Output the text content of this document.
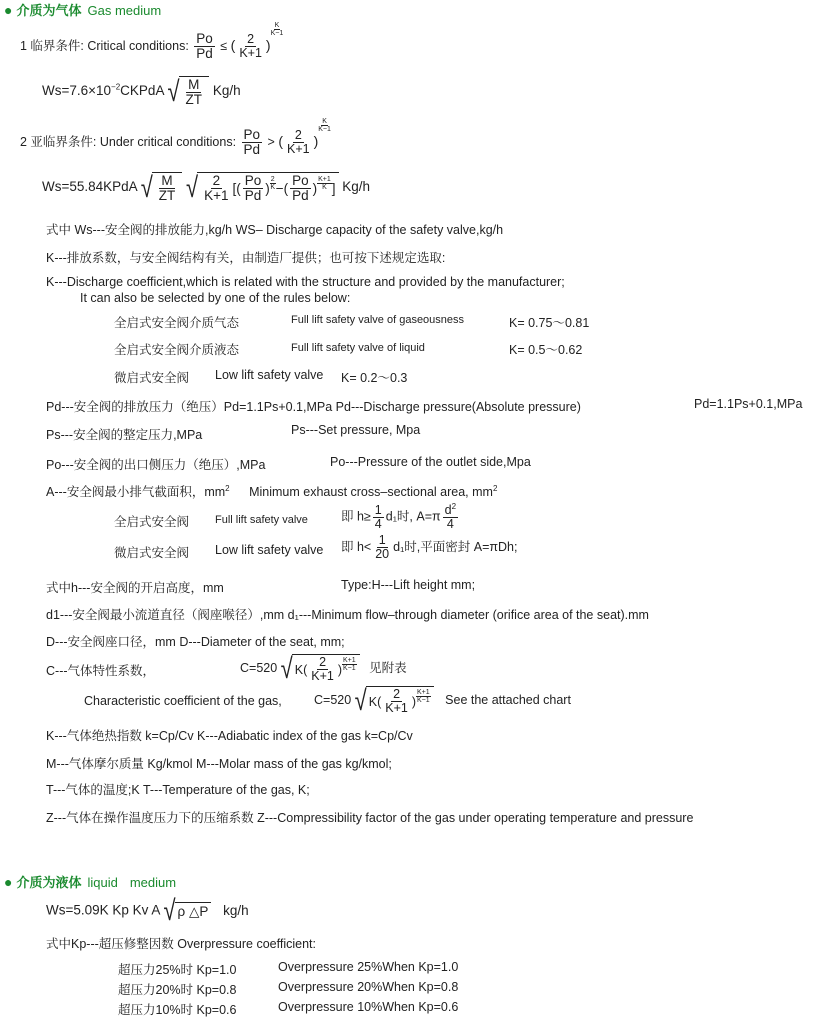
● 介质为气体 Gas medium
1 临界条件: Critical conditions: $\frac{Po}{Pd}$ ≤ ( $\frac{2}{K+1}$ )
$\frac{K}{K-1}$
$Ws=7.6\times 10^{-2}CKPdA$ √ $\frac{M}{ZT} Kg/h$
2 亚临界条件: Under critical conditions: $\frac{Po}{Pd}$ > ( $\frac{2}{K+1}$ )
$\frac{K}{K-1}$
Ws=55.84KPdA √ $\frac{M}{ZT}$
√ $\frac{2}{K+1}$ [( $\frac{Po}{Pd}$ ) $\frac{2}{K}$ −( $\frac{Po}{Pd}$ ) $\frac{K+1}{K}$ ] Kg/h
式中 Ws---安全阀的排放能力,kg/h WS– Discharge capacity of the safety valve,kg/h
K---排放系数，与安全阀结构有关，由制造厂提供；也可按下述规定选取:
K---Discharge coefficient,which is related with the structure and provided by the manufacturer;
It can also be selected by one of the rules below:
全启式安全阀介质气态	Full lift safety valve of gaseousness	K= 0.75～0.81
全启式安全阀介质液态	Full lift safety valve of liquid	K= 0.5～0.62
微启式安全阀 Low lift safety valve K= 0.2～0.3
Pd---安全阀的排放压力（绝压）Pd=1.1Ps+0.1,MPa Pd---Discharge pressure(Absolute pressure)	Pd=1.1Ps+0.1,MPa
Ps---安全阀的整定压力,MPa	Ps---Set pressure, Mpa
Po---安全阀的出口侧压力（绝压）,MPa	Po---Pressure of the outlet side,Mpa
A---安全阀最小排气截面积，$mm^2$ Minimum exhaust cross–sectional area, $mm^2$
全启式安全阀 Full lift safety valve	即 $h\ge \frac{1}{4} d_1$时, $A=\pi \frac{d^2}{4}$
微启式安全阀 Low lift safety valve 即 $h< \frac{1}{20} d_1$时,平面密封 A=πDh;
式中h---安全阀的开启高度，mm	Type:H---Lift height mm;
d1---安全阀最小流道直径（阀座喉径）,mm d₁---Minimum flow–through diameter (orifice area of the seat).mm
D---安全阀座口径，mm D---Diameter of the seat, mm;
C---气体特性系数，	C=520 √ $K( \frac{2}{K+1}$ ) $\frac{K+1}{K-1}$ 见附表
Characteristic coefficient of the gas,	C=520 √ $K( \frac{2}{K+1}$ ) $\frac{K+1}{K-1}$ See the attached chart
K---气体绝热指数 k=Cp/Cv K---Adiabatic index of the gas k=Cp/Cv
M---气体摩尔质量 Kg/kmol M---Molar mass of the gas kg/kmol;
T---气体的温度;K T---Temperature of the gas, K;
Z---气体在操作温度压力下的压缩系数 Z---Compressibility factor of the gas under operating temperature and pressure
● 介质为液体 liquid medium
Ws=5.09K Kp Kv A √ ρ △P kg/h
式中Kp---超压修整因数 Overpressure coefficient:
超压力25%时 Kp=1.0	Overpressure 25%When Kp=1.0
超压力20%时 Kp=0.8	Overpressure 20%When Kp=0.8
超压力10%时 Kp=0.6	Overpressure 10%When Kp=0.6
